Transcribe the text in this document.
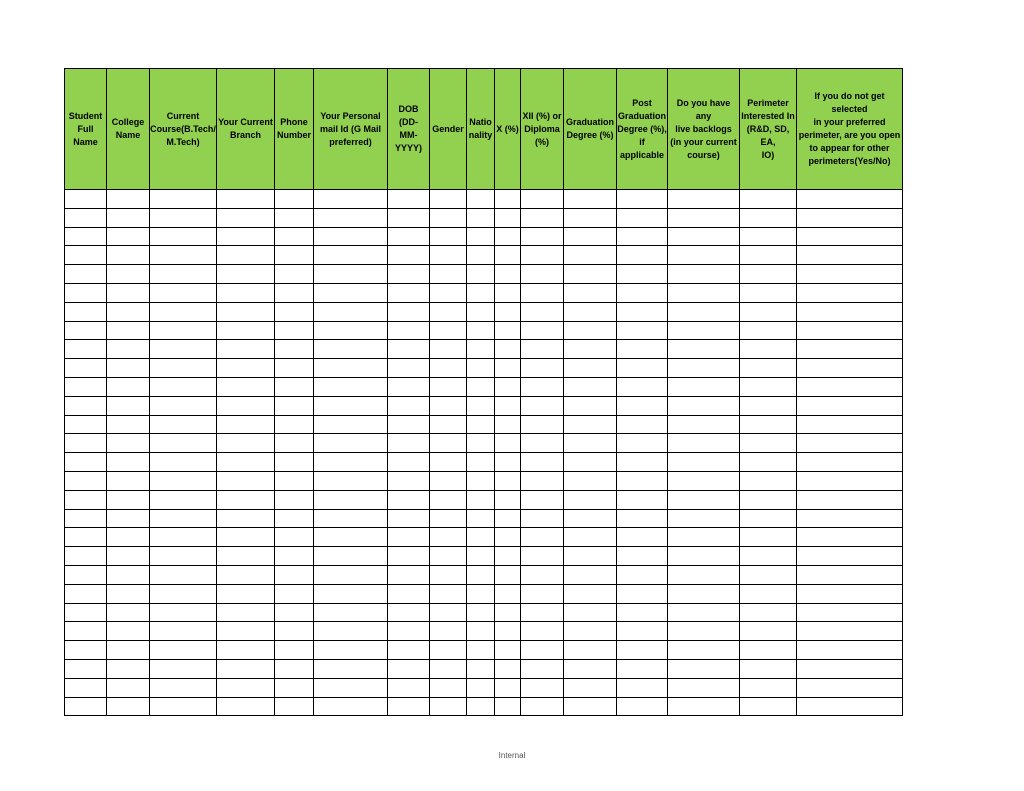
Student
Full
Name	College
Name	Current
Course(B.Tech/
M.Tech)	Your Current
Branch	Phone
Number	Your Personal
mail Id (G Mail
preferred)	DOB (DD-
MM-
YYYY)	Gender	Natio
nality	X (%)	XII (%) or
Diploma
(%)	Graduation
Degree (%)	Post
Graduation
Degree (%),
if
applicable	Do you have any
live backlogs
(in your current
course)	Perimeter
Interested In
(R&D, SD, EA,
IO)	If you do not get selected
in your preferred
perimeter, are you open
to appear for other
perimeters(Yes/No)

Internal
